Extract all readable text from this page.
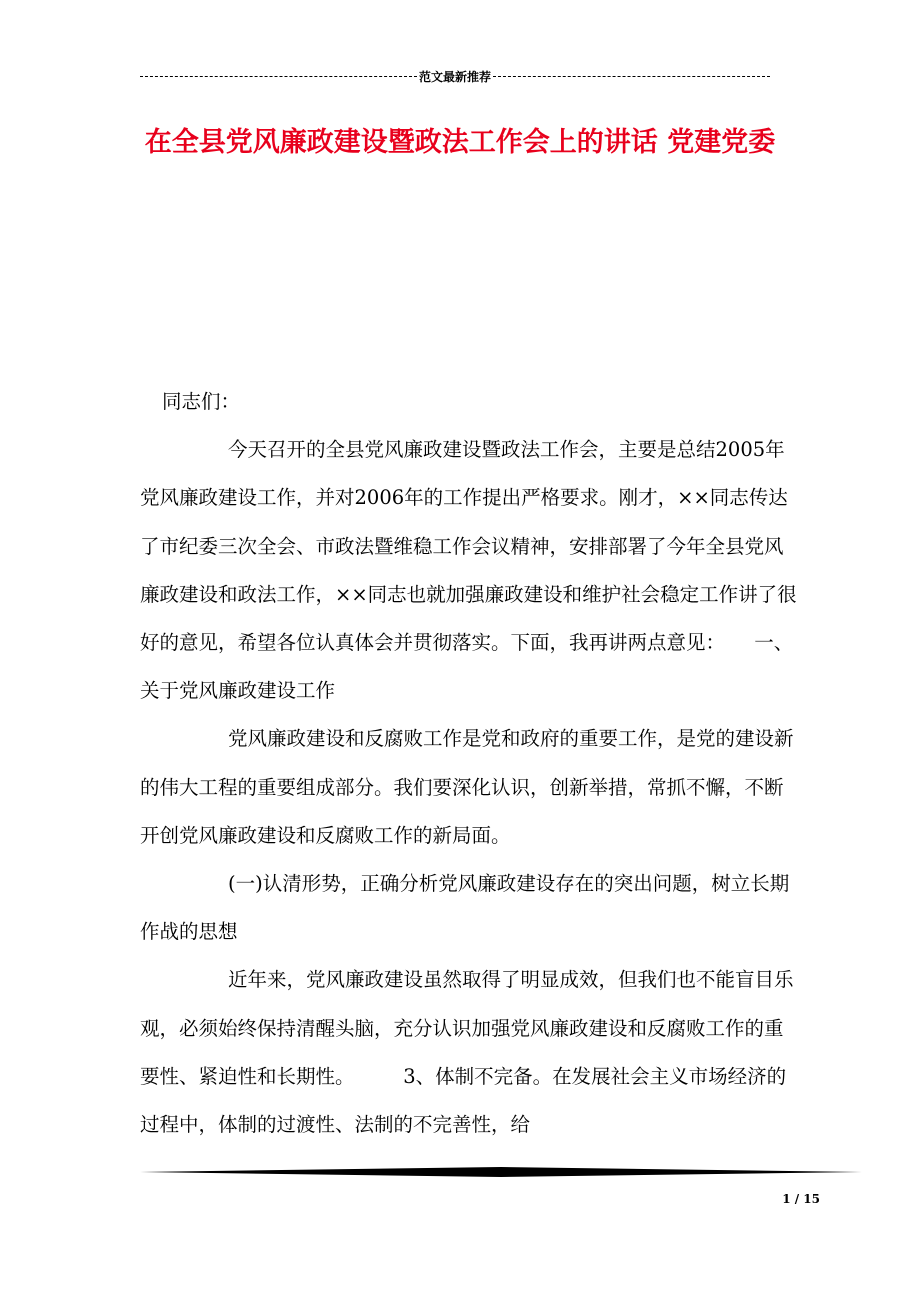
范文最新推荐
在全县党风廉政建设暨政法工作会上的讲话 党建党委

同志们：

今天召开的全县党风廉政建设暨政法工作会，主要是总结2005年党风廉政建设工作，并对2006年的工作提出严格要求。刚才，××同志传达了市纪委三次全会、市政法暨维稳工作会议精神，安排部署了今年全县党风廉政建设和政法工作，××同志也就加强廉政建设和维护社会稳定工作讲了很好的意见，希望各位认真体会并贯彻落实。下面，我再讲两点意见：　　一、关于党风廉政建设工作

党风廉政建设和反腐败工作是党和政府的重要工作，是党的建设新的伟大工程的重要组成部分。我们要深化认识，创新举措，常抓不懈，不断开创党风廉政建设和反腐败工作的新局面。

(一)认清形势，正确分析党风廉政建设存在的突出问题，树立长期作战的思想

近年来，党风廉政建设虽然取得了明显成效，但我们也不能盲目乐观，必须始终保持清醒头脑，充分认识加强党风廉政建设和反腐败工作的重要性、紧迫性和长期性。　　　3、体制不完备。在发展社会主义市场经济的过程中，体制的过渡性、法制的不完善性，给

1 / 15
